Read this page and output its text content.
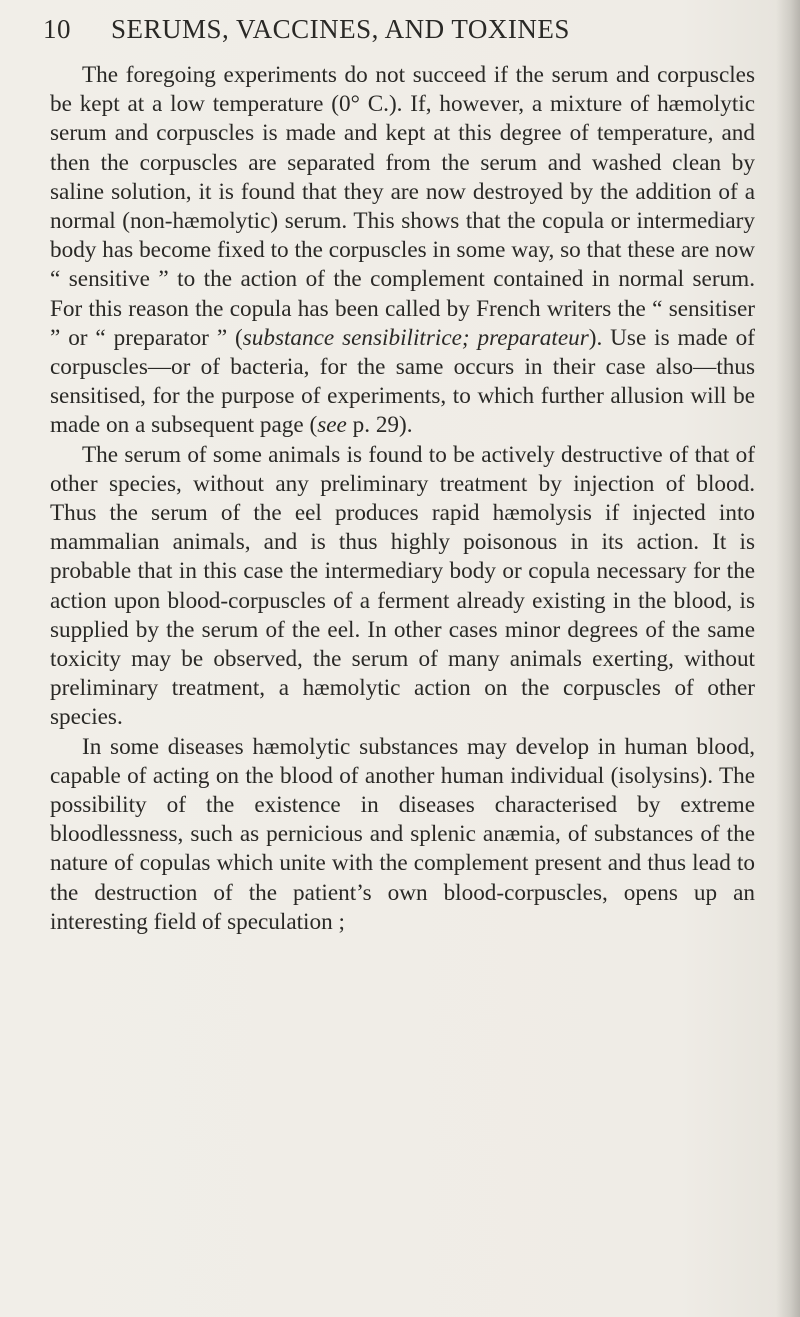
10 SERUMS, VACCINES, AND TOXINES

The foregoing experiments do not succeed if the serum and corpuscles be kept at a low temperature (0° C.). If, however, a mixture of hæmolytic serum and corpuscles is made and kept at this degree of temperature, and then the corpuscles are separated from the serum and washed clean by saline solution, it is found that they are now destroyed by the addition of a normal (non-hæmolytic) serum. This shows that the copula or intermediary body has become fixed to the corpuscles in some way, so that these are now “ sensitive ” to the action of the complement contained in normal serum. For this reason the copula has been called by French writers the “ sensitiser ” or “ preparator ” (substance sensibilitrice; preparateur). Use is made of corpuscles—or of bacteria, for the same occurs in their case also—thus sensitised, for the purpose of experiments, to which further allusion will be made on a subsequent page (see p. 29).

The serum of some animals is found to be actively destructive of that of other species, without any preliminary treatment by injection of blood. Thus the serum of the eel produces rapid hæmolysis if injected into mammalian animals, and is thus highly poisonous in its action. It is probable that in this case the intermediary body or copula necessary for the action upon blood-corpuscles of a ferment already existing in the blood, is supplied by the serum of the eel. In other cases minor degrees of the same toxicity may be observed, the serum of many animals exerting, without preliminary treatment, a hæmolytic action on the corpuscles of other species.

In some diseases hæmolytic substances may develop in human blood, capable of acting on the blood of another human individual (isolysins). The possibility of the existence in diseases characterised by extreme bloodlessness, such as pernicious and splenic anæmia, of substances of the nature of copulas which unite with the complement present and thus lead to the destruction of the patient’s own blood-corpuscles, opens up an interesting field of speculation ;
